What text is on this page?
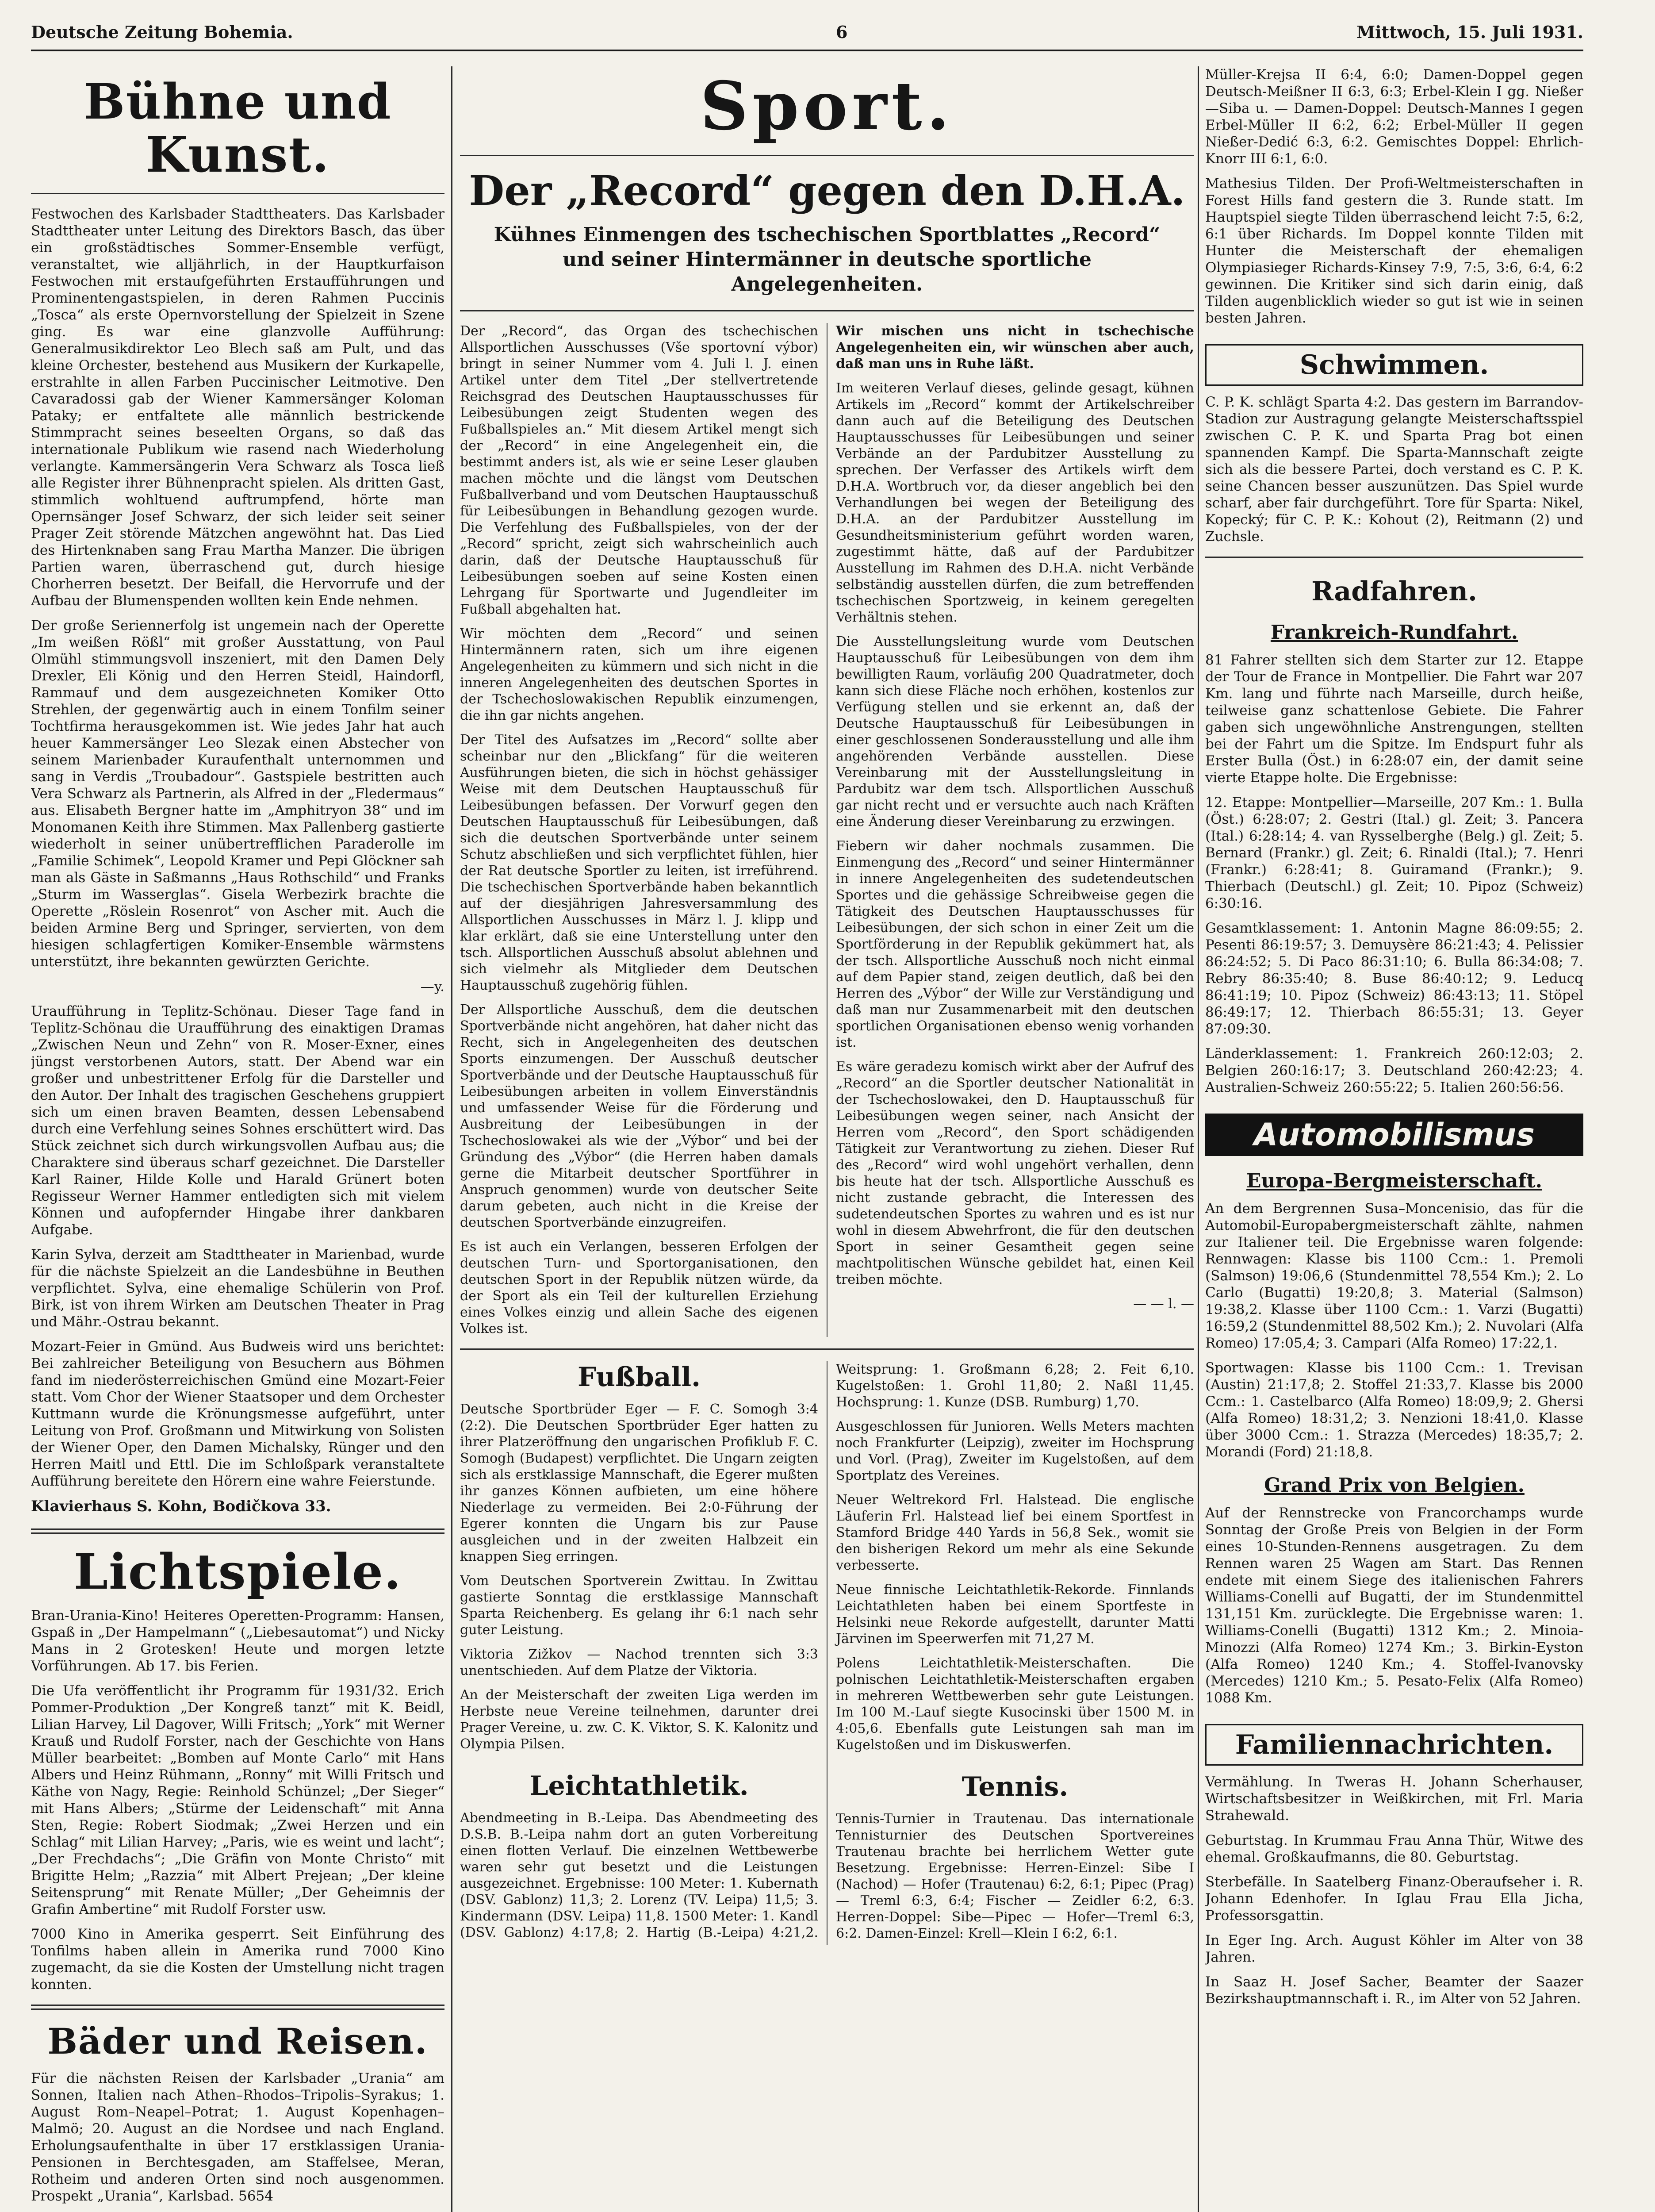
Deutsche Zeitung Bohemia.	6	Mittwoch, 15. Juli 1931.
Bühne und Kunst.

Festwochen des Karlsbader Stadttheaters. Das Karlsbader Stadttheater unter Leitung des Direktors Basch, das über ein großstädtisches Sommer-Ensemble verfügt, veranstaltet, wie alljährlich, in der Hauptkurfaison Festwochen mit erstaufgeführten Erstaufführungen und Prominentengastspielen, in deren Rahmen Puccinis „Tosca“ als erste Opernvorstellung der Spielzeit in Szene ging. Es war eine glanzvolle Aufführung: Generalmusikdirektor Leo Blech saß am Pult, und das kleine Orchester, bestehend aus Musikern der Kurkapelle, erstrahlte in allen Farben Puccinischer Leitmotive. Den Cavaradossi gab der Wiener Kammersänger Koloman Pataky; er entfaltete alle männlich bestrickende Stimmpracht seines beseelten Organs, so daß das internationale Publikum wie rasend nach Wiederholung verlangte. Kammersängerin Vera Schwarz als Tosca ließ alle Register ihrer Bühnenpracht spielen. Als dritten Gast, stimmlich wohltuend auftrumpfend, hörte man Opernsänger Josef Schwarz, der sich leider seit seiner Prager Zeit störende Mätzchen angewöhnt hat. Das Lied des Hirtenknaben sang Frau Martha Manzer. Die übrigen Partien waren, überraschend gut, durch hiesige Chorherren besetzt. Der Beifall, die Hervorrufe und der Aufbau der Blumenspenden wollten kein Ende nehmen.

Der große Seriennerfolg ist ungemein nach der Operette „Im weißen Rößl“ mit großer Ausstattung, von Paul Olmühl stimmungsvoll inszeniert, mit den Damen Dely Drexler, Eli König und den Herren Steidl, Haindorfl, Rammauf und dem ausgezeichneten Komiker Otto Strehlen, der gegenwärtig auch in einem Tonfilm seiner Tochtfirma herausgekommen ist. Wie jedes Jahr hat auch heuer Kammersänger Leo Slezak einen Abstecher von seinem Marienbader Kuraufenthalt unternommen und sang in Verdis „Troubadour“. Gastspiele bestritten auch Vera Schwarz als Partnerin, als Alfred in der „Fledermaus“ aus. Elisabeth Bergner hatte im „Amphitryon 38“ und im Monomanen Keith ihre Stimmen. Max Pallenberg gastierte wiederholt in seiner unübertrefflichen Paraderolle im „Familie Schimek“, Leopold Kramer und Pepi Glöckner sah man als Gäste in Saßmanns „Haus Rothschild“ und Franks „Sturm im Wasserglas“. Gisela Werbezirk brachte die Operette „Röslein Rosenrot“ von Ascher mit. Auch die beiden Armine Berg und Springer, servierten, von dem hiesigen schlagfertigen Komiker-Ensemble wärmstens unterstützt, ihre bekannten gewürzten Gerichte.

—y.

Uraufführung in Teplitz-Schönau. Dieser Tage fand in Teplitz-Schönau die Uraufführung des einaktigen Dramas „Zwischen Neun und Zehn“ von R. Moser-Exner, eines jüngst verstorbenen Autors, statt. Der Abend war ein großer und unbestrittener Erfolg für die Darsteller und den Autor. Der Inhalt des tragischen Geschehens gruppiert sich um einen braven Beamten, dessen Lebensabend durch eine Verfehlung seines Sohnes erschüttert wird. Das Stück zeichnet sich durch wirkungsvollen Aufbau aus; die Charaktere sind überaus scharf gezeichnet. Die Darsteller Karl Rainer, Hilde Kolle und Harald Grünert boten Regisseur Werner Hammer entledigten sich mit vielem Können und aufopfernder Hingabe ihrer dankbaren Aufgabe.

Karin Sylva, derzeit am Stadttheater in Marienbad, wurde für die nächste Spielzeit an die Landesbühne in Beuthen verpflichtet. Sylva, eine ehemalige Schülerin von Prof. Birk, ist von ihrem Wirken am Deutschen Theater in Prag und Mähr.-Ostrau bekannt.

Mozart-Feier in Gmünd. Aus Budweis wird uns berichtet: Bei zahlreicher Beteiligung von Besuchern aus Böhmen fand im niederösterreichischen Gmünd eine Mozart-Feier statt. Vom Chor der Wiener Staatsoper und dem Orchester Kuttmann wurde die Krönungsmesse aufgeführt, unter Leitung von Prof. Großmann und Mitwirkung von Solisten der Wiener Oper, den Damen Michalsky, Rünger und den Herren Maitl und Ettl. Die im Schloßpark veranstaltete Aufführung bereitete den Hörern eine wahre Feierstunde.

Klavierhaus S. Kohn, Bodičkova 33.
Lichtspiele.

Bran-Urania-Kino! Heiteres Operetten-Programm: Hansen, Gspaß in „Der Hampelmann“ („Liebesautomat“) und Nicky Mans in 2 Grotesken! Heute und morgen letzte Vorführungen. Ab 17. bis Ferien.

Die Ufa veröffentlicht ihr Programm für 1931/32. Erich Pommer-Produktion „Der Kongreß tanzt“ mit K. Beidl, Lilian Harvey, Lil Dagover, Willi Fritsch; „York“ mit Werner Krauß und Rudolf Forster, nach der Geschichte von Hans Müller bearbeitet: „Bomben auf Monte Carlo“ mit Hans Albers und Heinz Rühmann, „Ronny“ mit Willi Fritsch und Käthe von Nagy, Regie: Reinhold Schünzel; „Der Sieger“ mit Hans Albers; „Stürme der Leidenschaft“ mit Anna Sten, Regie: Robert Siodmak; „Zwei Herzen und ein Schlag“ mit Lilian Harvey; „Paris, wie es weint und lacht“; „Der Frechdachs“; „Die Gräfin von Monte Christo“ mit Brigitte Helm; „Razzia“ mit Albert Prejean; „Der kleine Seitensprung“ mit Renate Müller; „Der Geheimnis der Grafin Ambertine“ mit Rudolf Forster usw.

7000 Kino in Amerika gesperrt. Seit Einführung des Tonfilms haben allein in Amerika rund 7000 Kino zugemacht, da sie die Kosten der Umstellung nicht tragen konnten.

Bäder und Reisen.

Für die nächsten Reisen der Karlsbader „Urania“ am Sonnen, Italien nach Athen–Rhodos–Tripolis–Syrakus; 1. August Rom–Neapel–Potrat; 1. August Kopenhagen–Malmö; 20. August an die Nordsee und nach England. Erholungsaufenthalte in über 17 erstklassigen Urania-Pensionen in Berchtesgaden, am Staffelsee, Meran, Rotheim und anderen Orten sind noch ausgenommen. Prospekt „Urania“, Karlsbad. 5654

Sport.
Der „Record“ gegen den D.H.A.
Kühnes Einmengen des tschechischen Sportblattes „Record“ und seiner Hintermänner in deutsche sportliche Angelegenheiten.

Der „Record“, das Organ des tschechischen Allsportlichen Ausschusses (Vše sportovní výbor) bringt in seiner Nummer vom 4. Juli l. J. einen Artikel unter dem Titel „Der stellvertretende Reichsgrad des Deutschen Hauptausschusses für Leibesübungen zeigt Studenten wegen des Fußballspieles an.“ Mit diesem Artikel mengt sich der „Record“ in eine Angelegenheit ein, die bestimmt anders ist, als wie er seine Leser glauben machen möchte und die längst vom Deutschen Fußballverband und vom Deutschen Hauptausschuß für Leibesübungen in Behandlung gezogen wurde. Die Verfehlung des Fußballspieles, von der der „Record“ spricht, zeigt sich wahrscheinlich auch darin, daß der Deutsche Hauptausschuß für Leibesübungen soeben auf seine Kosten einen Lehrgang für Sportwarte und Jugendleiter im Fußball abgehalten hat.

Wir möchten dem „Record“ und seinen Hintermännern raten, sich um ihre eigenen Angelegenheiten zu kümmern und sich nicht in die inneren Angelegenheiten des deutschen Sportes in der Tschechoslowakischen Republik einzumengen, die ihn gar nichts angehen.

Der Titel des Aufsatzes im „Record“ sollte aber scheinbar nur den „Blickfang“ für die weiteren Ausführungen bieten, die sich in höchst gehässiger Weise mit dem Deutschen Hauptausschuß für Leibesübungen befassen. Der Vorwurf gegen den Deutschen Hauptausschuß für Leibesübungen, daß sich die deutschen Sportverbände unter seinem Schutz abschließen und sich verpflichtet fühlen, hier der Rat deutsche Sportler zu leiten, ist irreführend. Die tschechischen Sportverbände haben bekanntlich auf der diesjährigen Jahresversammlung des Allsportlichen Ausschusses in März l. J. klipp und klar erklärt, daß sie eine Unterstellung unter den tsch. Allsportlichen Ausschuß absolut ablehnen und sich vielmehr als Mitglieder dem Deutschen Hauptausschuß zugehörig fühlen.

Der Allsportliche Ausschuß, dem die deutschen Sportverbände nicht angehören, hat daher nicht das Recht, sich in Angelegenheiten des deutschen Sports einzumengen. Der Ausschuß deutscher Sportverbände und der Deutsche Hauptausschuß für Leibesübungen arbeiten in vollem Einverständnis und umfassender Weise für die Förderung und Ausbreitung der Leibesübungen in der Tschechoslowakei als wie der „Výbor“ und bei der Gründung des „Výbor“ (die Herren haben damals gerne die Mitarbeit deutscher Sportführer in Anspruch genommen) wurde von deutscher Seite darum gebeten, auch nicht in die Kreise der deutschen Sportverbände einzugreifen.

Es ist auch ein Verlangen, besseren Erfolgen der deutschen Turn- und Sportorganisationen, den deutschen Sport in der Republik nützen würde, da der Sport als ein Teil der kulturellen Erziehung eines Volkes einzig und allein Sache des eigenen Volkes ist.

Wir mischen uns nicht in tschechische Angelegenheiten ein, wir wünschen aber auch, daß man uns in Ruhe läßt.

Im weiteren Verlauf dieses, gelinde gesagt, kühnen Artikels im „Record“ kommt der Artikelschreiber dann auch auf die Beteiligung des Deutschen Hauptausschusses für Leibesübungen und seiner Verbände an der Pardubitzer Ausstellung zu sprechen. Der Verfasser des Artikels wirft dem D.H.A. Wortbruch vor, da dieser angeblich bei den Verhandlungen bei wegen der Beteiligung des D.H.A. an der Pardubitzer Ausstellung im Gesundheitsministerium geführt worden waren, zugestimmt hätte, daß auf der Pardubitzer Ausstellung im Rahmen des D.H.A. nicht Verbände selbständig ausstellen dürfen, die zum betreffenden tschechischen Sportzweig, in keinem geregelten Verhältnis stehen.

Die Ausstellungsleitung wurde vom Deutschen Hauptausschuß für Leibesübungen von dem ihm bewilligten Raum, vorläufig 200 Quadratmeter, doch kann sich diese Fläche noch erhöhen, kostenlos zur Verfügung stellen und sie erkennt an, daß der Deutsche Hauptausschuß für Leibesübungen in einer geschlossenen Sonderausstellung und alle ihm angehörenden Verbände ausstellen. Diese Vereinbarung mit der Ausstellungsleitung in Pardubitz war dem tsch. Allsportlichen Ausschuß gar nicht recht und er versuchte auch nach Kräften eine Änderung dieser Vereinbarung zu erzwingen.

Fiebern wir daher nochmals zusammen. Die Einmengung des „Record“ und seiner Hintermänner in innere Angelegenheiten des sudetendeutschen Sportes und die gehässige Schreibweise gegen die Tätigkeit des Deutschen Hauptausschusses für Leibesübungen, der sich schon in einer Zeit um die Sportförderung in der Republik gekümmert hat, als der tsch. Allsportliche Ausschuß noch nicht einmal auf dem Papier stand, zeigen deutlich, daß bei den Herren des „Výbor“ der Wille zur Verständigung und daß man nur Zusammenarbeit mit den deutschen sportlichen Organisationen ebenso wenig vorhanden ist.

Es wäre geradezu komisch wirkt aber der Aufruf des „Record“ an die Sportler deutscher Nationalität in der Tschechoslowakei, den D. Hauptausschuß für Leibesübungen wegen seiner, nach Ansicht der Herren vom „Record“, den Sport schädigenden Tätigkeit zur Verantwortung zu ziehen. Dieser Ruf des „Record“ wird wohl ungehört verhallen, denn bis heute hat der tsch. Allsportliche Ausschuß es nicht zustande gebracht, die Interessen des sudetendeutschen Sportes zu wahren und es ist nur wohl in diesem Abwehrfront, die für den deutschen Sport in seiner Gesamtheit gegen seine machtpolitischen Wünsche gebildet hat, einen Keil treiben möchte.

— — l. —

Fußball.

Deutsche Sportbrüder Eger — F. C. Somogh 3:4 (2:2). Die Deutschen Sportbrüder Eger hatten zu ihrer Platzeröffnung den ungarischen Profiklub F. C. Somogh (Budapest) verpflichtet. Die Ungarn zeigten sich als erstklassige Mannschaft, die Egerer mußten ihr ganzes Können aufbieten, um eine höhere Niederlage zu vermeiden. Bei 2:0-Führung der Egerer konnten die Ungarn bis zur Pause ausgleichen und in der zweiten Halbzeit ein knappen Sieg erringen.

Vom Deutschen Sportverein Zwittau. In Zwittau gastierte Sonntag die erstklassige Mannschaft Sparta Reichenberg. Es gelang ihr 6:1 nach sehr guter Leistung.

Viktoria Zižkov — Nachod trennten sich 3:3 unentschieden. Auf dem Platze der Viktoria.

An der Meisterschaft der zweiten Liga werden im Herbste neue Vereine teilnehmen, darunter drei Prager Vereine, u. zw. C. K. Viktor, S. K. Kalonitz und Olympia Pilsen.

Leichtathletik.

Abendmeeting in B.-Leipa. Das Abendmeeting des D.S.B. B.-Leipa nahm dort an guten Vorbereitung einen flotten Verlauf. Die einzelnen Wettbewerbe waren sehr gut besetzt und die Leistungen ausgezeichnet. Ergebnisse: 100 Meter: 1. Kubernath (DSV. Gablonz) 11,3; 2. Lorenz (TV. Leipa) 11,5; 3. Kindermann (DSV. Leipa) 11,8. 1500 Meter: 1. Kandl (DSV. Gablonz) 4:17,8; 2. Hartig (B.-Leipa) 4:21,2. Weitsprung: 1. Großmann 6,28; 2. Feit 6,10. Kugelstoßen: 1. Grohl 11,80; 2. Naßl 11,45. Hochsprung: 1. Kunze (DSB. Rumburg) 1,70.

Ausgeschlossen für Junioren. Wells Meters machten noch Frankfurter (Leipzig), zweiter im Hochsprung und Vorl. (Prag), Zweiter im Kugelstoßen, auf dem Sportplatz des Vereines.

Neuer Weltrekord Frl. Halstead. Die englische Läuferin Frl. Halstead lief bei einem Sportfest in Stamford Bridge 440 Yards in 56,8 Sek., womit sie den bisherigen Rekord um mehr als eine Sekunde verbesserte.

Neue finnische Leichtathletik-Rekorde. Finnlands Leichtathleten haben bei einem Sportfeste in Helsinki neue Rekorde aufgestellt, darunter Matti Järvinen im Speerwerfen mit 71,27 M.

Polens Leichtathletik-Meisterschaften. Die polnischen Leichtathletik-Meisterschaften ergaben in mehreren Wettbewerben sehr gute Leistungen. Im 100 M.-Lauf siegte Kusocinski über 1500 M. in 4:05,6. Ebenfalls gute Leistungen sah man im Kugelstoßen und im Diskuswerfen.

Tennis.

Tennis-Turnier in Trautenau. Das internationale Tennisturnier des Deutschen Sportvereines Trautenau brachte bei herrlichem Wetter gute Besetzung. Ergebnisse: Herren-Einzel: Sibe I (Nachod) — Hofer (Trautenau) 6:2, 6:1; Pipec (Prag) — Treml 6:3, 6:4; Fischer — Zeidler 6:2, 6:3. Herren-Doppel: Sibe—Pipec — Hofer—Treml 6:3, 6:2. Damen-Einzel: Krell—Klein I 6:2, 6:1.

Müller-Krejsa II 6:4, 6:0; Damen-Doppel gegen Deutsch-Meißner II 6:3, 6:3; Erbel-Klein I gg. Nießer—Siba u. — Damen-Doppel: Deutsch-Mannes I gegen Erbel-Müller II 6:2, 6:2; Erbel-Müller II gegen Nießer-Dedić 6:3, 6:2. Gemischtes Doppel: Ehrlich-Knorr III 6:1, 6:0.

Mathesius Tilden. Der Profi-Weltmeisterschaften in Forest Hills fand gestern die 3. Runde statt. Im Hauptspiel siegte Tilden überraschend leicht 7:5, 6:2, 6:1 über Richards. Im Doppel konnte Tilden mit Hunter die Meisterschaft der ehemaligen Olympiasieger Richards-Kinsey 7:9, 7:5, 3:6, 6:4, 6:2 gewinnen. Die Kritiker sind sich darin einig, daß Tilden augenblicklich wieder so gut ist wie in seinen besten Jahren.

Schwimmen.

C. P. K. schlägt Sparta 4:2. Das gestern im Barrandov-Stadion zur Austragung gelangte Meisterschaftsspiel zwischen C. P. K. und Sparta Prag bot einen spannenden Kampf. Die Sparta-Mannschaft zeigte sich als die bessere Partei, doch verstand es C. P. K. seine Chancen besser auszunützen. Das Spiel wurde scharf, aber fair durchgeführt. Tore für Sparta: Nikel, Kopecký; für C. P. K.: Kohout (2), Reitmann (2) und Zuchsle.

Radfahren.
Frankreich-Rundfahrt.

81 Fahrer stellten sich dem Starter zur 12. Etappe der Tour de France in Montpellier. Die Fahrt war 207 Km. lang und führte nach Marseille, durch heiße, teilweise ganz schattenlose Gebiete. Die Fahrer gaben sich ungewöhnliche Anstrengungen, stellten bei der Fahrt um die Spitze. Im Endspurt fuhr als Erster Bulla (Öst.) in 6:28:07 ein, der damit seine vierte Etappe holte. Die Ergebnisse:

12. Etappe: Montpellier—Marseille, 207 Km.: 1. Bulla (Öst.) 6:28:07; 2. Gestri (Ital.) gl. Zeit; 3. Pancera (Ital.) 6:28:14; 4. van Rysselberghe (Belg.) gl. Zeit; 5. Bernard (Frankr.) gl. Zeit; 6. Rinaldi (Ital.); 7. Henri (Frankr.) 6:28:41; 8. Guiramand (Frankr.); 9. Thierbach (Deutschl.) gl. Zeit; 10. Pipoz (Schweiz) 6:30:16.

Gesamtklassement: 1. Antonin Magne 86:09:55; 2. Pesenti 86:19:57; 3. Demuysère 86:21:43; 4. Pelissier 86:24:52; 5. Di Paco 86:31:10; 6. Bulla 86:34:08; 7. Rebry 86:35:40; 8. Buse 86:40:12; 9. Leducq 86:41:19; 10. Pipoz (Schweiz) 86:43:13; 11. Stöpel 86:49:17; 12. Thierbach 86:55:31; 13. Geyer 87:09:30.

Länderklassement: 1. Frankreich 260:12:03; 2. Belgien 260:16:17; 3. Deutschland 260:42:23; 4. Australien-Schweiz 260:55:22; 5. Italien 260:56:56.

Automobilismus
Europa-Bergmeisterschaft.

An dem Bergrennen Susa–Moncenisio, das für die Automobil-Europabergmeisterschaft zählte, nahmen zur Italiener teil. Die Ergebnisse waren folgende: Rennwagen: Klasse bis 1100 Ccm.: 1. Premoli (Salmson) 19:06,6 (Stundenmittel 78,554 Km.); 2. Lo Carlo (Bugatti) 19:20,8; 3. Material (Salmson) 19:38,2. Klasse über 1100 Ccm.: 1. Varzi (Bugatti) 16:59,2 (Stundenmittel 88,502 Km.); 2. Nuvolari (Alfa Romeo) 17:05,4; 3. Campari (Alfa Romeo) 17:22,1.

Sportwagen: Klasse bis 1100 Ccm.: 1. Trevisan (Austin) 21:17,8; 2. Stoffel 21:33,7. Klasse bis 2000 Ccm.: 1. Castelbarco (Alfa Romeo) 18:09,9; 2. Ghersi (Alfa Romeo) 18:31,2; 3. Nenzioni 18:41,0. Klasse über 3000 Ccm.: 1. Strazza (Mercedes) 18:35,7; 2. Morandi (Ford) 21:18,8.

Grand Prix von Belgien.

Auf der Rennstrecke von Francorchamps wurde Sonntag der Große Preis von Belgien in der Form eines 10-Stunden-Rennens ausgetragen. Zu dem Rennen waren 25 Wagen am Start. Das Rennen endete mit einem Siege des italienischen Fahrers Williams-Conelli auf Bugatti, der im Stundenmittel 131,151 Km. zurücklegte. Die Ergebnisse waren: 1. Williams-Conelli (Bugatti) 1312 Km.; 2. Minoia-Minozzi (Alfa Romeo) 1274 Km.; 3. Birkin-Eyston (Alfa Romeo) 1240 Km.; 4. Stoffel-Ivanovsky (Mercedes) 1210 Km.; 5. Pesato-Felix (Alfa Romeo) 1088 Km.

Familiennachrichten.

Vermählung. In Tweras H. Johann Scherhauser, Wirtschaftsbesitzer in Weißkirchen, mit Frl. Maria Strahewald.

Geburtstag. In Krummau Frau Anna Thür, Witwe des ehemal. Großkaufmanns, die 80. Geburtstag.

Sterbefälle. In Saatelberg Finanz-Oberaufseher i. R. Johann Edenhofer. In Iglau Frau Ella Jicha, Professorsgattin.

In Eger Ing. Arch. August Köhler im Alter von 38 Jahren.

In Saaz H. Josef Sacher, Beamter der Saazer Bezirkshauptmannschaft i. R., im Alter von 52 Jahren.
